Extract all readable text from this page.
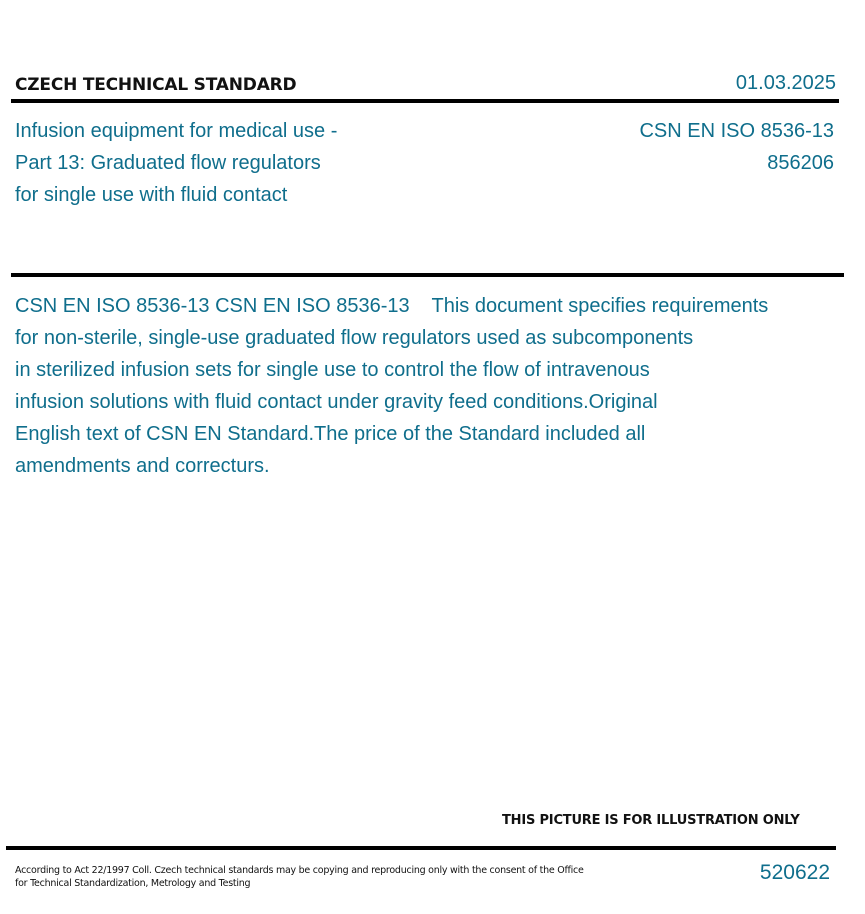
CZECH TECHNICAL STANDARD	01.03.2025
Infusion equipment for medical use -
Part 13: Graduated flow regulators
for single use with fluid contact
CSN EN ISO 8536-13
856206
CSN EN ISO 8536-13 CSN EN ISO 8536-13    This document specifies requirements
for non-sterile, single-use graduated flow regulators used as subcomponents
in sterilized infusion sets for single use to control the flow of intravenous
infusion solutions with fluid contact under gravity feed conditions.Original
English text of CSN EN Standard.The price of the Standard included all
amendments and correcturs.
THIS PICTURE IS FOR ILLUSTRATION ONLY
According to Act 22/1997 Coll. Czech technical standards may be copying and reproducing only with the consent of the Office
for Technical Standardization, Metrology and Testing	520622
